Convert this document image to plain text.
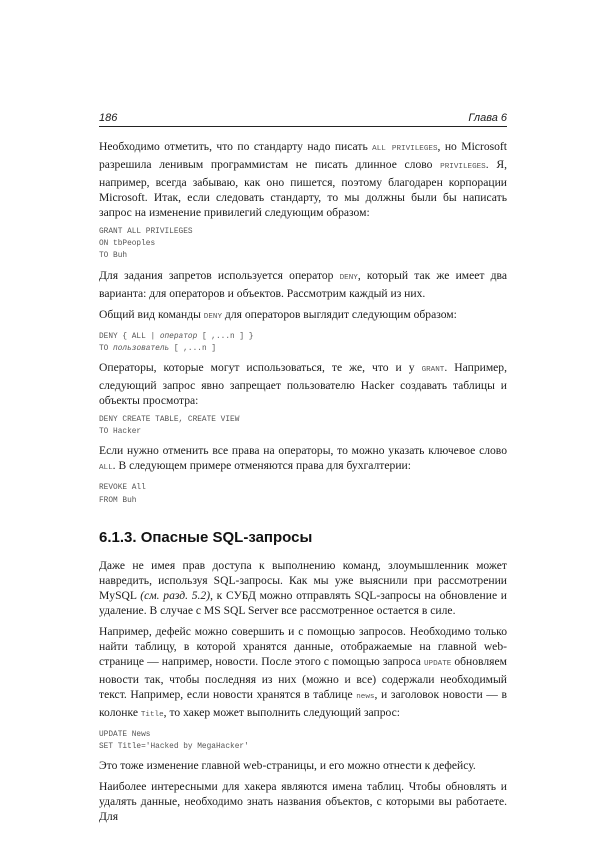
186	Глава 6

Необходимо отметить, что по стандарту надо писать ALL PRIVILEGES, но Microsoft разрешила ленивым программистам не писать длинное слово PRIVILEGES. Я, например, всегда забываю, как оно пишется, поэтому благодарен корпорации Microsoft. Итак, если следовать стандарту, то мы должны были бы написать запрос на изменение привилегий следующим образом:

GRANT ALL PRIVILEGES
ON tbPeoples
TO Buh

Для задания запретов используется оператор DENY, который так же имеет два варианта: для операторов и объектов. Рассмотрим каждый из них.

Общий вид команды DENY для операторов выглядит следующим образом:

DENY { ALL | оператор [ ,...n ] }
TO пользователь [ ,...n ]

Операторы, которые могут использоваться, те же, что и у GRANT. Например, следующий запрос явно запрещает пользователю Hacker создавать таблицы и объекты просмотра:

DENY CREATE TABLE, CREATE VIEW
TO Hacker

Если нужно отменить все права на операторы, то можно указать ключевое слово ALL. В следующем примере отменяются права для бухгалтерии:

REVOKE All
FROM Buh
6.1.3. Опасные SQL-запросы

Даже не имея прав доступа к выполнению команд, злоумышленник может навредить, используя SQL-запросы. Как мы уже выяснили при рассмотрении MySQL (см. разд. 5.2), к СУБД можно отправлять SQL-запросы на обновление и удаление. В случае с MS SQL Server все рассмотренное остается в силе.

Например, дефейс можно совершить и с помощью запросов. Необходимо только найти таблицу, в которой хранятся данные, отображаемые на главной web-странице — например, новости. После этого с помощью запроса UPDATE обновляем новости так, чтобы последняя из них (можно и все) содержали необходимый текст. Например, если новости хранятся в таблице news, и заголовок новости — в колонке Title, то хакер может выполнить следующий запрос:

UPDATE News
SET Title='Hacked by MegaHacker'

Это тоже изменение главной web-страницы, и его можно отнести к дефейсу.

Наиболее интересными для хакера являются имена таблиц. Чтобы обновлять и удалять данные, необходимо знать названия объектов, с которыми вы работаете. Для
